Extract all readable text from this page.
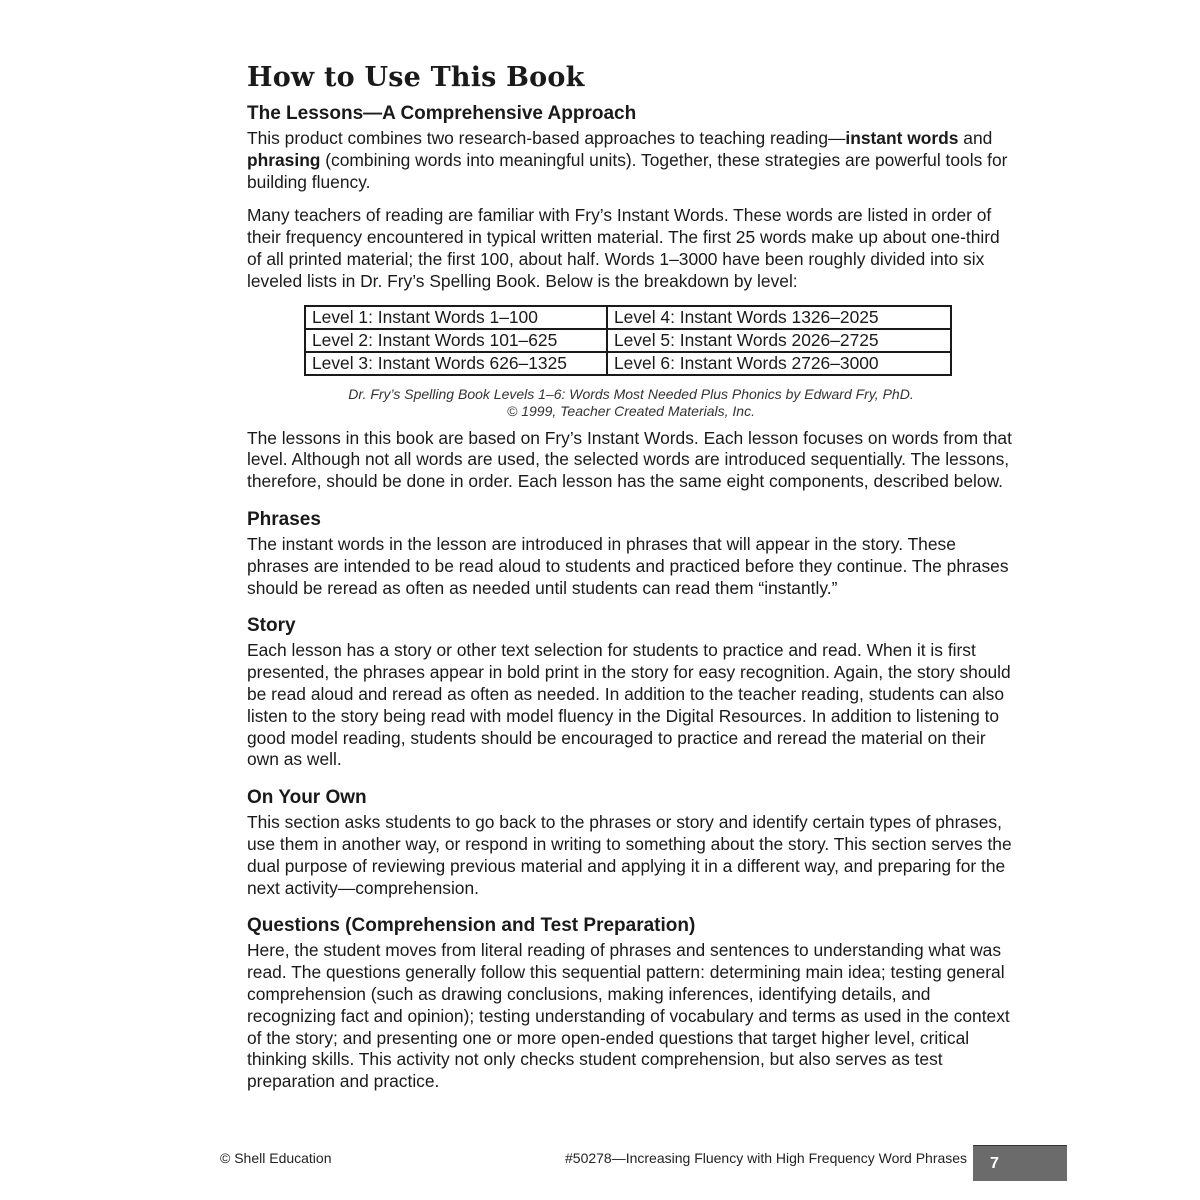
How to Use This Book
The Lessons—A Comprehensive Approach

This product combines two research-based approaches to teaching reading—instant words and phrasing (combining words into meaningful units). Together, these strategies are powerful tools for building fluency.

Many teachers of reading are familiar with Fry’s Instant Words. These words are listed in order of their frequency encountered in typical written material. The first 25 words make up about one-third of all printed material; the first 100, about half. Words 1–3000 have been roughly divided into six leveled lists in Dr. Fry’s Spelling Book. Below is the breakdown by level:

Level 1: Instant Words 1–100	Level 4: Instant Words 1326–2025
Level 2: Instant Words 101–625	Level 5: Instant Words 2026–2725
Level 3: Instant Words 626–1325	Level 6: Instant Words 2726–3000
Dr. Fry’s Spelling Book Levels 1–6: Words Most Needed Plus Phonics by Edward Fry, PhD.
© 1999, Teacher Created Materials, Inc.

The lessons in this book are based on Fry’s Instant Words. Each lesson focuses on words from that level. Although not all words are used, the selected words are introduced sequentially. The lessons, therefore, should be done in order. Each lesson has the same eight components, described below.

Phrases

The instant words in the lesson are introduced in phrases that will appear in the story. These phrases are intended to be read aloud to students and practiced before they continue. The phrases should be reread as often as needed until students can read them “instantly.”

Story

Each lesson has a story or other text selection for students to practice and read. When it is first presented, the phrases appear in bold print in the story for easy recognition. Again, the story should be read aloud and reread as often as needed. In addition to the teacher reading, students can also listen to the story being read with model fluency in the Digital Resources. In addition to listening to good model reading, students should be encouraged to practice and reread the material on their own as well.

On Your Own

This section asks students to go back to the phrases or story and identify certain types of phrases, use them in another way, or respond in writing to something about the story. This section serves the dual purpose of reviewing previous material and applying it in a different way, and preparing for the next activity—comprehension.

Questions (Comprehension and Test Preparation)

Here, the student moves from literal reading of phrases and sentences to understanding what was read. The questions generally follow this sequential pattern: determining main idea; testing general comprehension (such as drawing conclusions, making inferences, identifying details, and recognizing fact and opinion); testing understanding of vocabulary and terms as used in the context of the story; and presenting one or more open-ended questions that target higher level, critical thinking skills. This activity not only checks student comprehension, but also serves as test preparation and practice.

© Shell Education	#50278—Increasing Fluency with High Frequency Word Phrases	7
